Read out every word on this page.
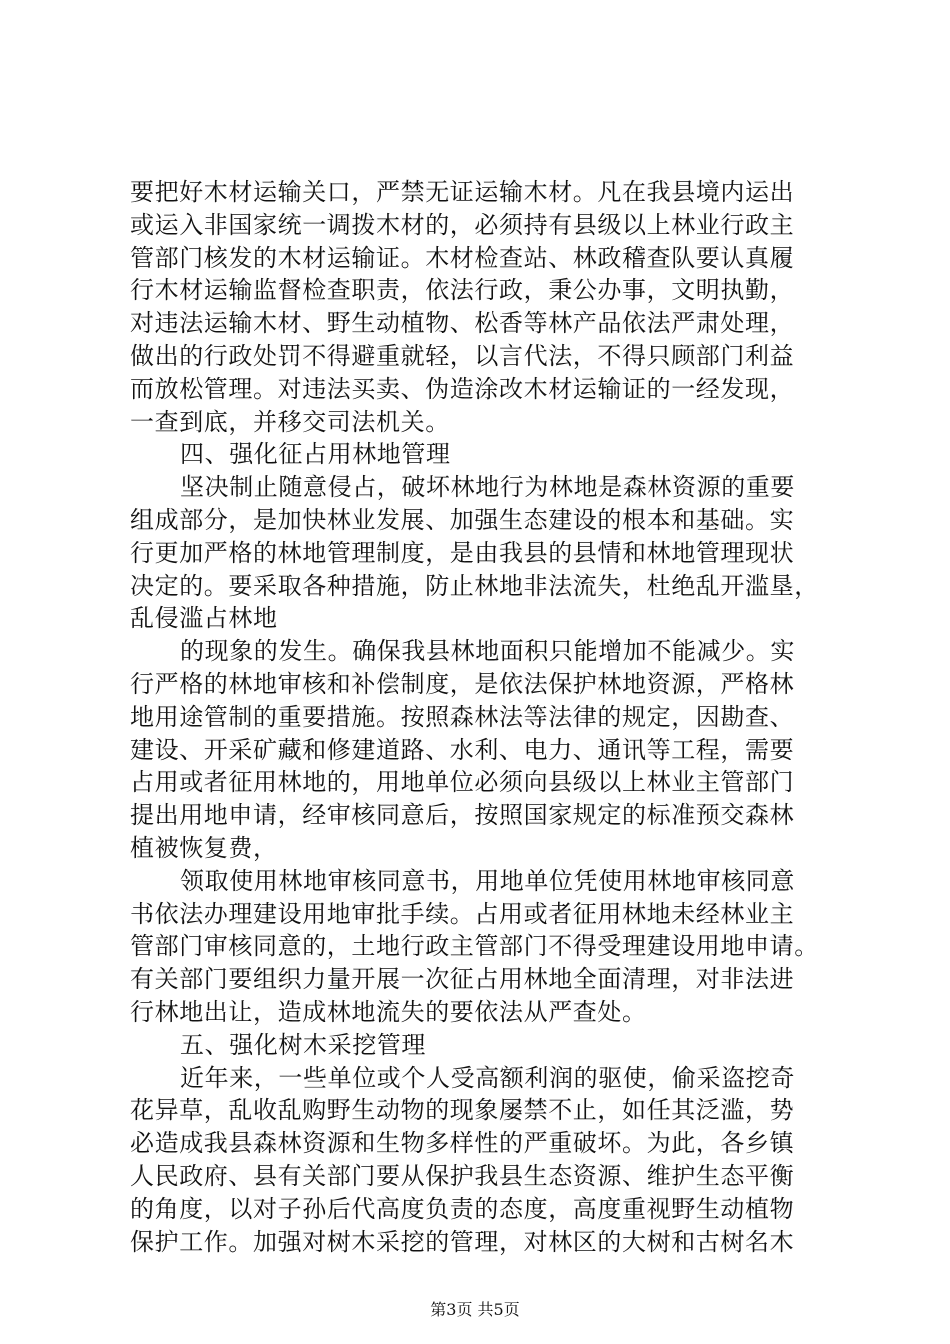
要把好木材运输关口，严禁无证运输木材。凡在我县境内运出
或运入非国家统一调拨木材的，必须持有县级以上林业行政主
管部门核发的木材运输证。木材检查站、林政稽查队要认真履
行木材运输监督检查职责，依法行政，秉公办事，文明执勤，
对违法运输木材、野生动植物、松香等林产品依法严肃处理，
做出的行政处罚不得避重就轻，以言代法，不得只顾部门利益
而放松管理。对违法买卖、伪造涂改木材运输证的一经发现，
一查到底，并移交司法机关。
四、强化征占用林地管理
坚决制止随意侵占，破坏林地行为林地是森林资源的重要
组成部分，是加快林业发展、加强生态建设的根本和基础。实
行更加严格的林地管理制度，是由我县的县情和林地管理现状
决定的。要采取各种措施，防止林地非法流失，杜绝乱开滥垦，
乱侵滥占林地
的现象的发生。确保我县林地面积只能增加不能减少。实
行严格的林地审核和补偿制度，是依法保护林地资源，严格林
地用途管制的重要措施。按照森林法等法律的规定，因勘查、
建设、开采矿藏和修建道路、水利、电力、通讯等工程，需要
占用或者征用林地的，用地单位必须向县级以上林业主管部门
提出用地申请，经审核同意后，按照国家规定的标准预交森林
植被恢复费，
领取使用林地审核同意书，用地单位凭使用林地审核同意
书依法办理建设用地审批手续。占用或者征用林地未经林业主
管部门审核同意的，土地行政主管部门不得受理建设用地申请。
有关部门要组织力量开展一次征占用林地全面清理，对非法进
行林地出让，造成林地流失的要依法从严查处。
五、强化树木采挖管理
近年来，一些单位或个人受高额利润的驱使，偷采盗挖奇
花异草，乱收乱购野生动物的现象屡禁不止，如任其泛滥，势
必造成我县森林资源和生物多样性的严重破坏。为此，各乡镇
人民政府、县有关部门要从保护我县生态资源、维护生态平衡
的角度，以对子孙后代高度负责的态度，高度重视野生动植物
保护工作。加强对树木采挖的管理，对林区的大树和古树名木
第3页 共5页
